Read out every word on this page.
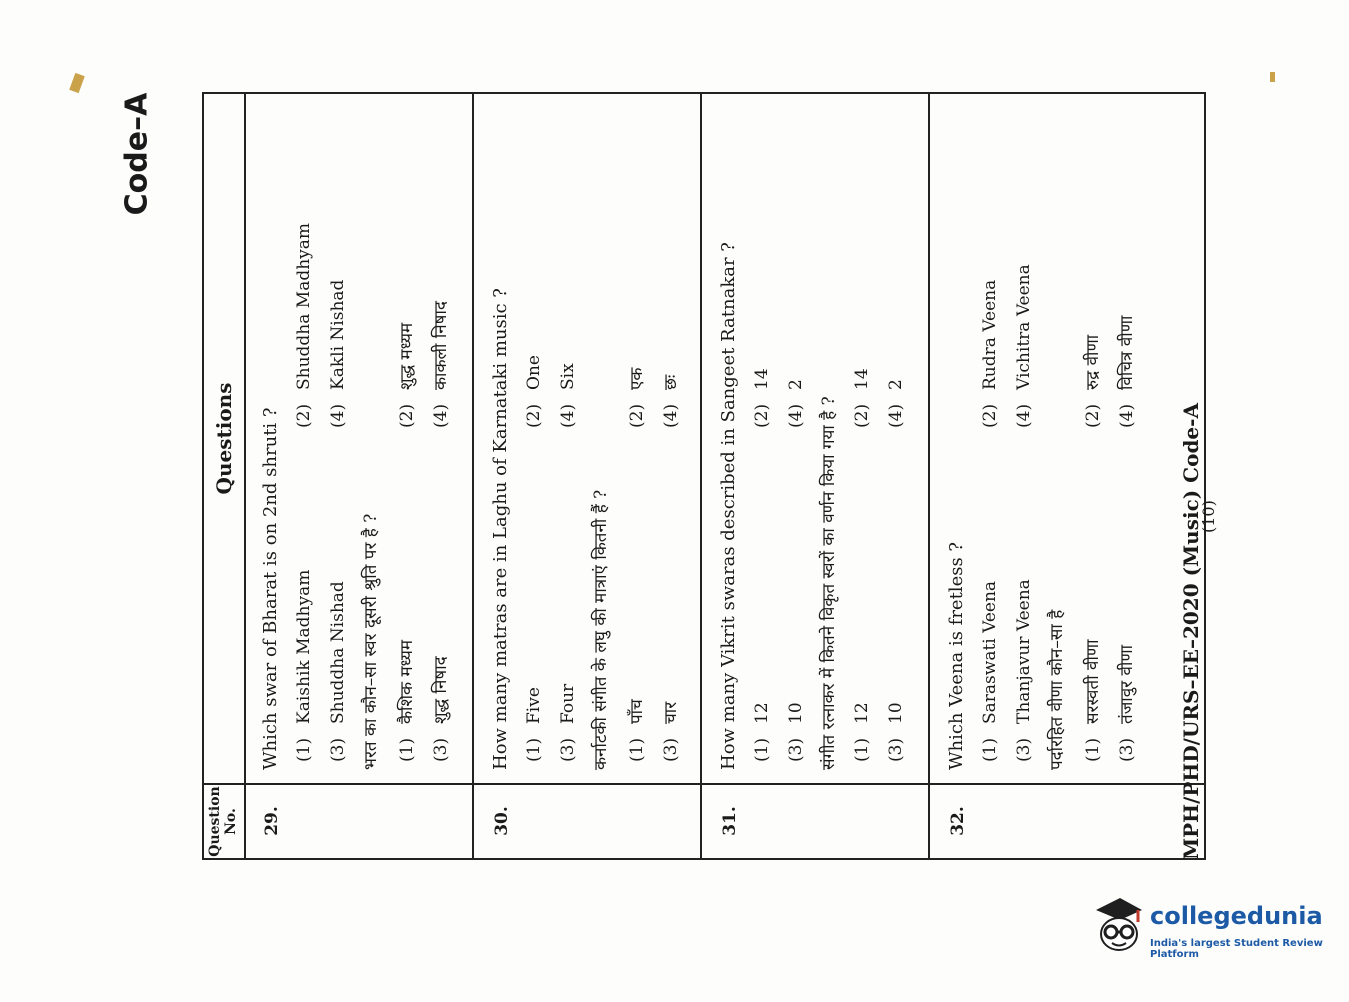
Code–A
Question No.
Questions
29.
Which swar of Bharat is on 2nd shruti ? (1)Kaishik Madhyam
(2)Shuddha Madhyam
(3)Shuddha Nishad
(4)Kakli Nishad
भरत का कौन–सा स्वर दूसरी श्रुति पर है ? (1)कैशिक मध्यम
(2)शुद्ध मध्यम
(3)शुद्ध निषाद
(4)काकली निषाद
30.
How many matras are in Laghu of Karnataki music ? (1)Five
(2)One
(3)Four
(4)Six
कर्नाटकी संगीत के लघु की मात्राएं कितनी हैं ? (1)पाँच
(2)एक
(3)चार
(4)छः
31.
How many Vikrit swaras described in Sangeet Ratnakar ? (1)12
(2)14
(3)10
(4)2
संगीत रत्नाकर में कितने विकृत स्वरों का वर्णन किया गया है ? (1)12
(2)14
(3)10
(4)2
32.
Which Veena is fretless ? (1)Saraswati Veena
(2)Rudra Veena
(3)Thanjavur Veena
(4)Vichitra Veena
पर्दारहित वीणा कौन–सा है (1)सरस्वती वीणा
(2)रुद्र वीणा
(3)तंजावुर वीणा
(4)विचित्र वीणा
MPH/PHD/URS–EE–2020 (Music) Code-A
(10)
collegedunia
India's largest Student Review Platform
